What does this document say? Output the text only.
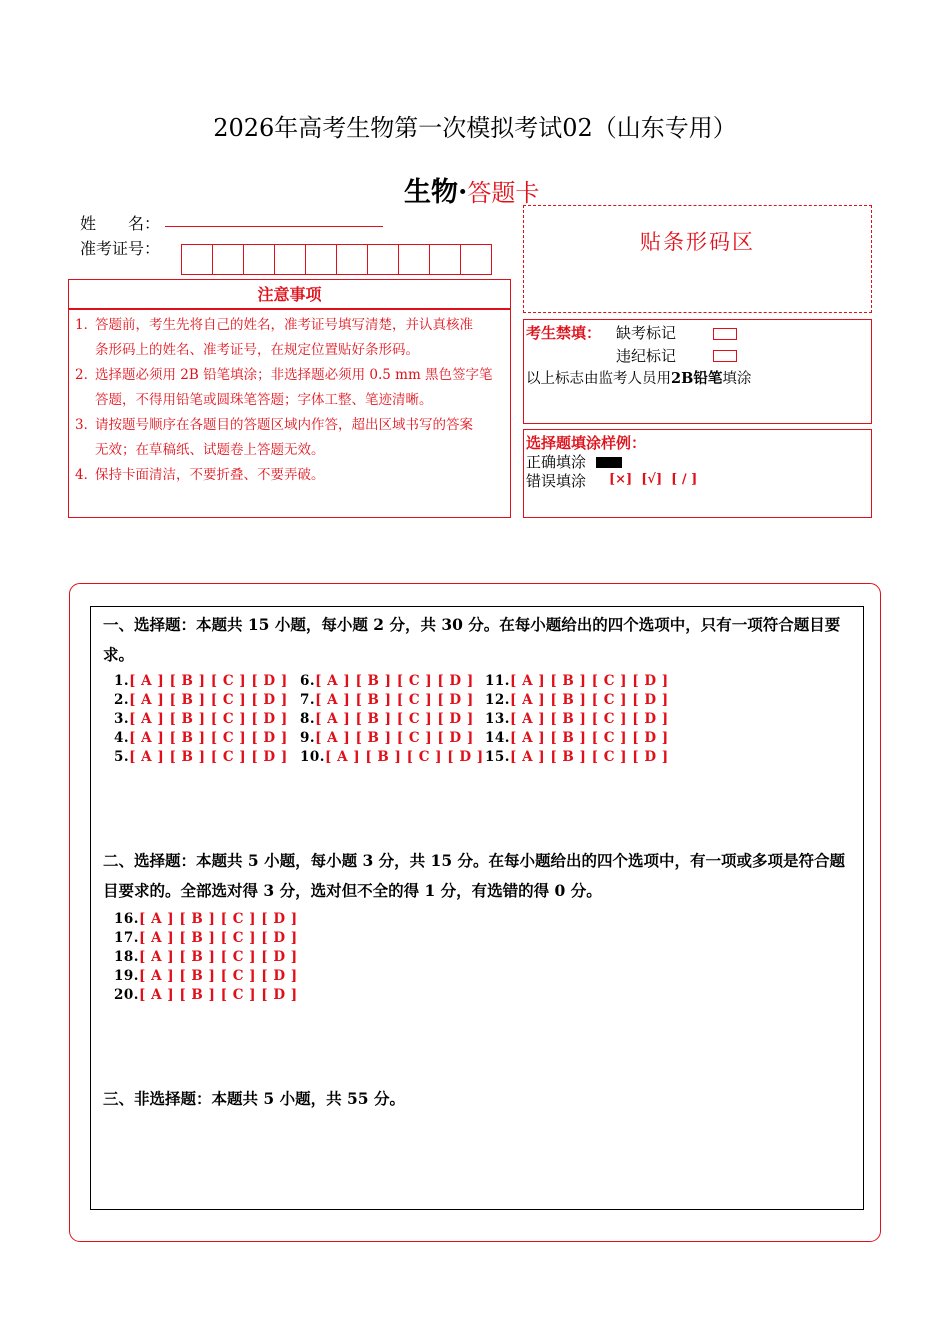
2026年高考生物第一次模拟考试02（山东专用）
生物·答题卡
姓　　名：
准考证号：
注意事项
1．答题前，考生先将自己的姓名，准考证号填写清楚，并认真核准
条形码上的姓名、准考证号，在规定位置贴好条形码。
2．选择题必须用 2B 铅笔填涂；非选择题必须用 0.5 mm 黑色签字笔
答题，不得用铅笔或圆珠笔答题；字体工整、笔迹清晰。
3．请按题号顺序在各题目的答题区域内作答，超出区域书写的答案
无效；在草稿纸、试题卷上答题无效。
4．保持卡面清洁，不要折叠、不要弄破。
贴条形码区
考生禁填： 缺考标记
违纪标记
以上标志由监考人员用2B铅笔填涂
选择题填涂样例：
正确填涂
错误填涂 [×]  [√]  [ / ]
一、选择题：本题共 15 小题，每小题 2 分，共 30 分。在每小题给出的四个选项中，只有一项符合题目要求。
1.[ A ] [ B ] [ C ] [ D ]
2.[ A ] [ B ] [ C ] [ D ]
3.[ A ] [ B ] [ C ] [ D ]
4.[ A ] [ B ] [ C ] [ D ]
5.[ A ] [ B ] [ C ] [ D ]
6.[ A ] [ B ] [ C ] [ D ]
7.[ A ] [ B ] [ C ] [ D ]
8.[ A ] [ B ] [ C ] [ D ]
9.[ A ] [ B ] [ C ] [ D ]
10.[ A ] [ B ] [ C ] [ D ]
11.[ A ] [ B ] [ C ] [ D ]
12.[ A ] [ B ] [ C ] [ D ]
13.[ A ] [ B ] [ C ] [ D ]
14.[ A ] [ B ] [ C ] [ D ]
15.[ A ] [ B ] [ C ] [ D ]
二、选择题：本题共 5 小题，每小题 3 分，共 15 分。在每小题给出的四个选项中，有一项或多项是符合题目要求的。全部选对得 3 分，选对但不全的得 1 分，有选错的得 0 分。
16.[ A ] [ B ] [ C ] [ D ]
17.[ A ] [ B ] [ C ] [ D ]
18.[ A ] [ B ] [ C ] [ D ]
19.[ A ] [ B ] [ C ] [ D ]
20.[ A ] [ B ] [ C ] [ D ]
三、非选择题：本题共 5 小题，共 55 分。
